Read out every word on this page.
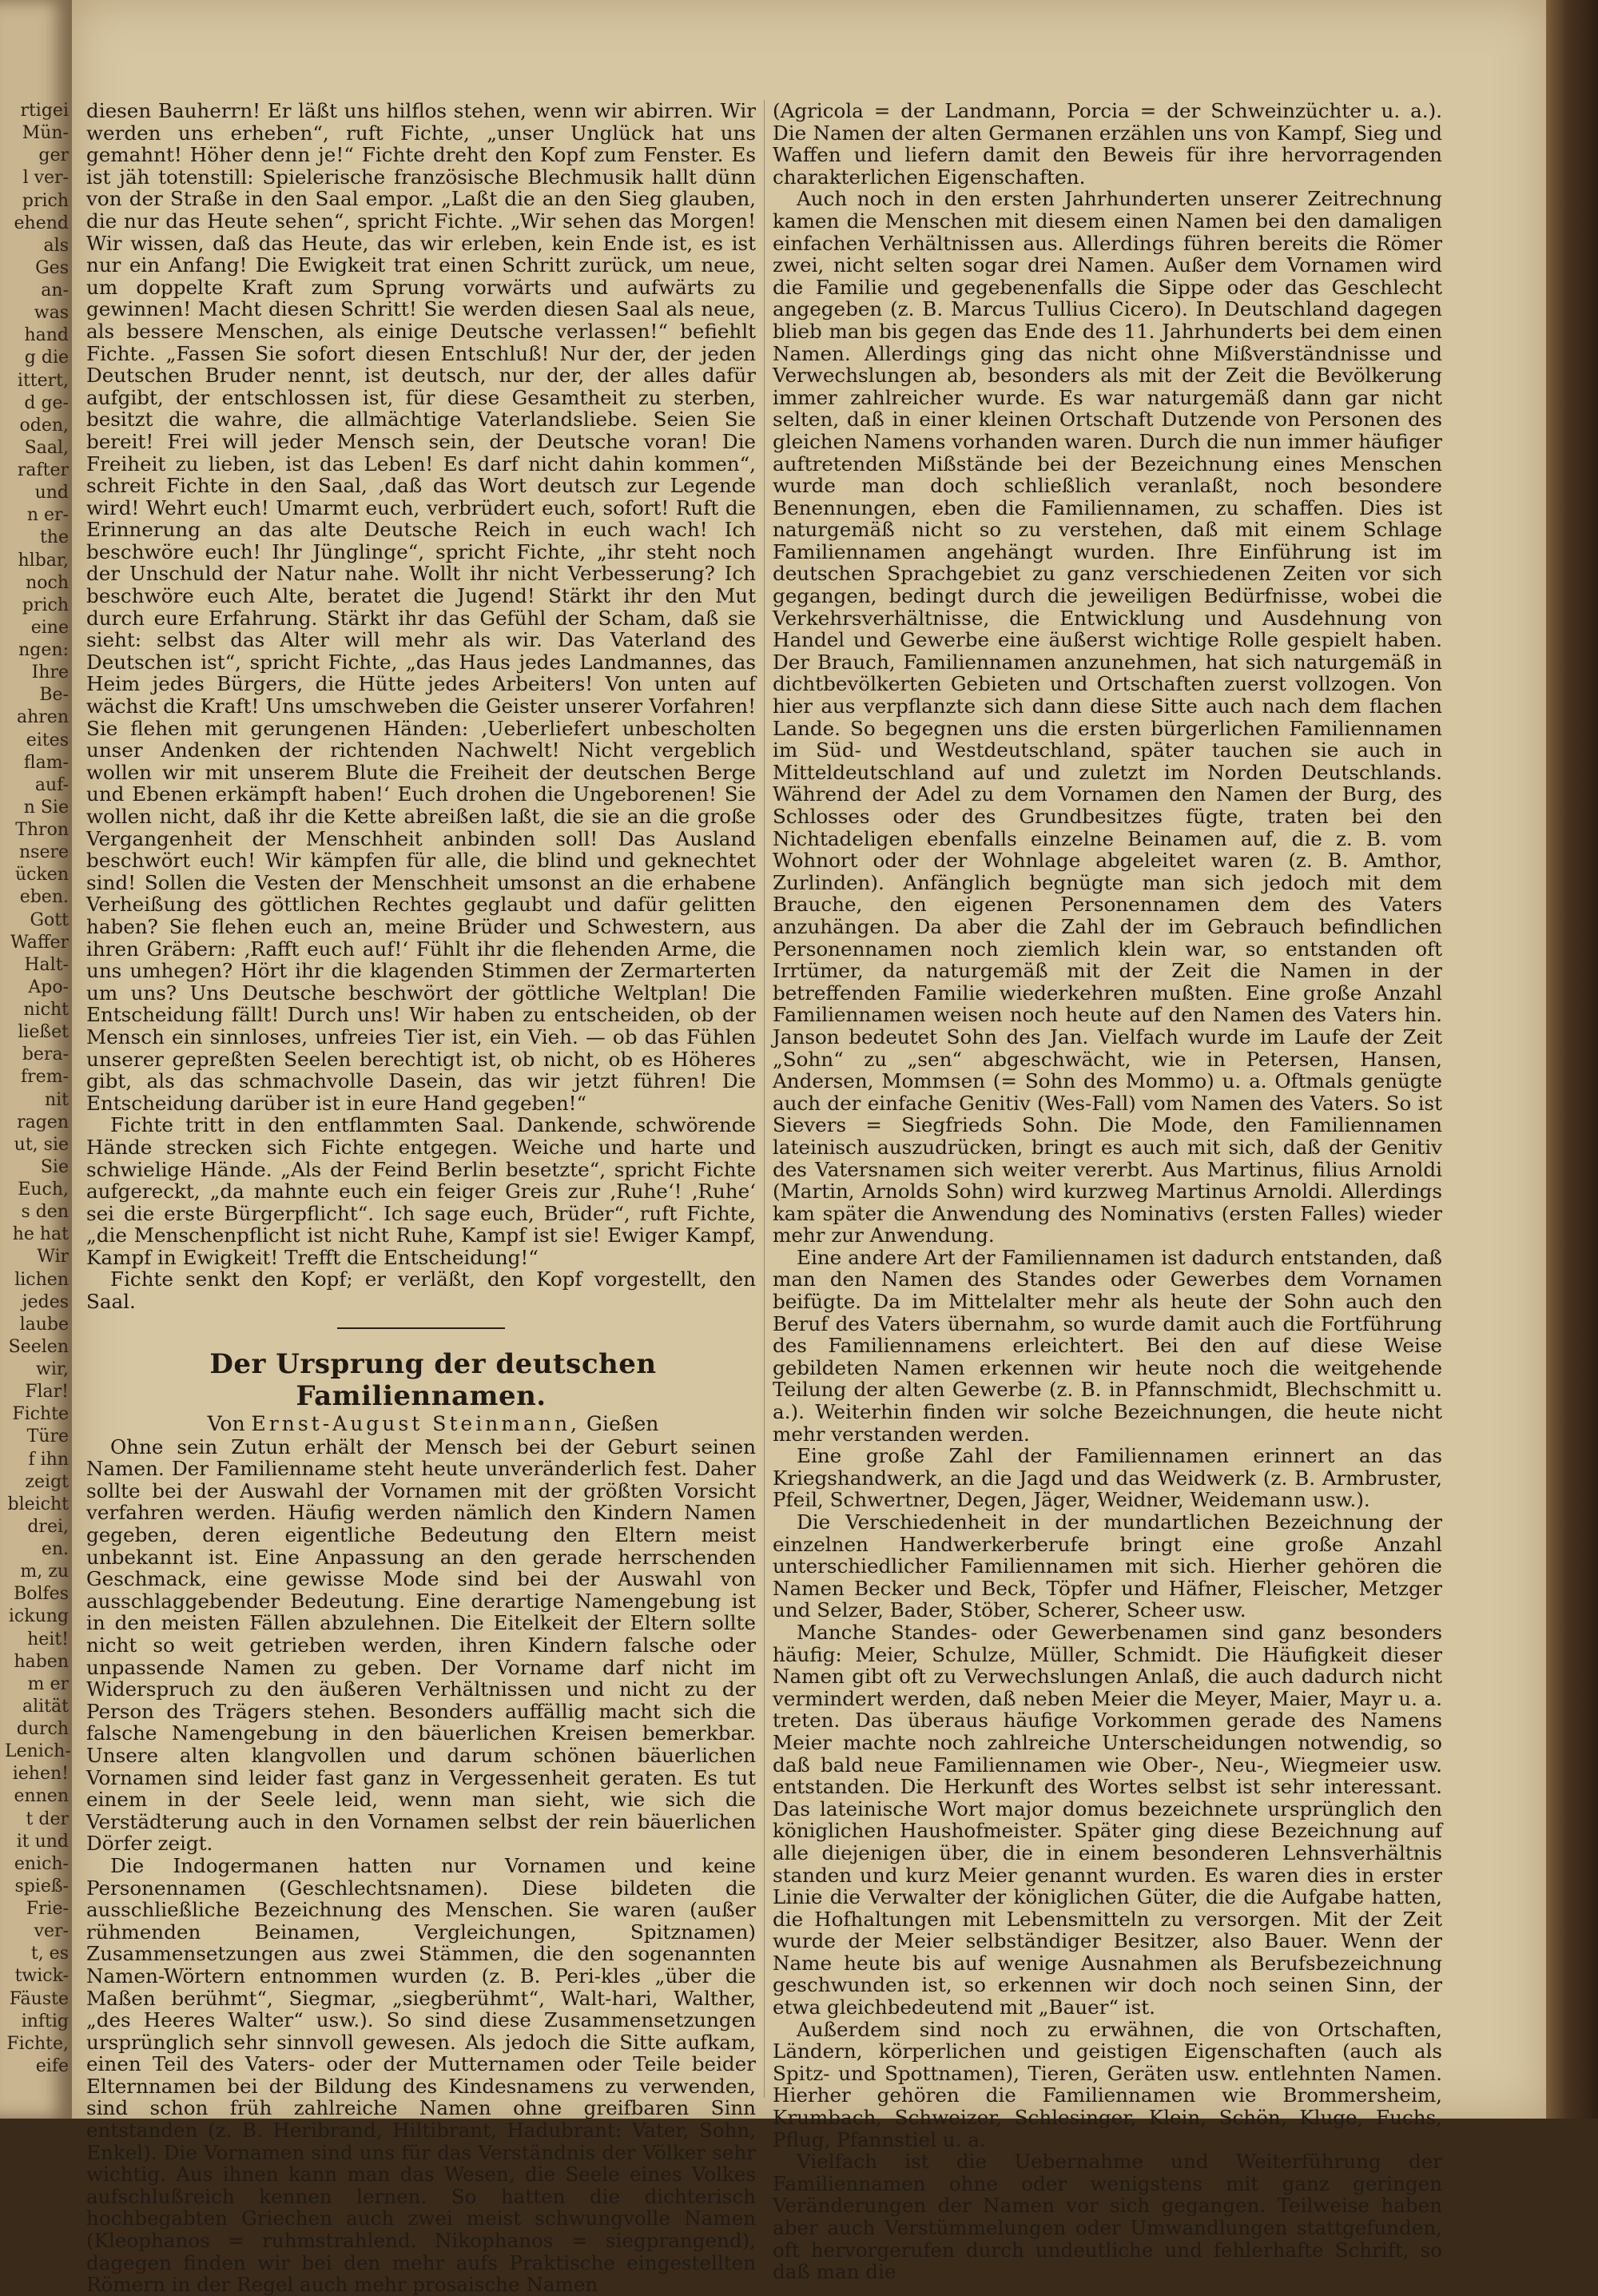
rtigei
Mün-
ger
l ver-
prich
ehend
als
Ges
an-
was
hand
g die
ittert,
d ge-
oden,
Saal,
rafter
und
n er-
the
hlbar,
noch
prich
eine
ngen:
Ihre
Be-
ahren
eites
flam-
auf-
n Sie
Thron
nsere
ücken
eben.
Gott
Waffer
Halt-
Apo-
nicht
ließet
bera-
frem-
nit
ragen
ut, sie
Sie
Euch,
s den
he hat
Wir
lichen
jedes
laube
Seelen
wir,
Flar!
Fichte
Türe
f ihn
zeigt
bleicht
drei,
en.
m, zu
Bolfes
ickung
heit!
haben
m er
alität
durch
Lenich-
iehen!
ennen
t der
it und
enich-
spieß-
Frie-
ver-
t, es
twick-
Fäuste
inftig
Fichte,
eife

diesen Bauherrn! Er läßt uns hilflos stehen, wenn wir abirren. Wir werden uns erheben“, ruft Fichte, „unser Unglück hat uns gemahnt! Höher denn je!“ Fichte dreht den Kopf zum Fenster. Es ist jäh totenstill: Spielerische französische Blechmusik hallt dünn von der Straße in den Saal empor. „Laßt die an den Sieg glauben, die nur das Heute sehen“, spricht Fichte. „Wir sehen das Morgen! Wir wissen, daß das Heute, das wir erleben, kein Ende ist, es ist nur ein Anfang! Die Ewigkeit trat einen Schritt zurück, um neue, um doppelte Kraft zum Sprung vorwärts und aufwärts zu gewinnen! Macht diesen Schritt! Sie werden diesen Saal als neue, als bessere Menschen, als einige Deutsche verlassen!“ befiehlt Fichte. „Fassen Sie sofort diesen Entschluß! Nur der, der jeden Deutschen Bruder nennt, ist deutsch, nur der, der alles dafür aufgibt, der entschlossen ist, für diese Gesamtheit zu sterben, besitzt die wahre, die allmächtige Vaterlandsliebe. Seien Sie bereit! Frei will jeder Mensch sein, der Deutsche voran! Die Freiheit zu lieben, ist das Leben! Es darf nicht dahin kommen“, schreit Fichte in den Saal, ‚daß das Wort deutsch zur Legende wird! Wehrt euch! Umarmt euch, verbrüdert euch, sofort! Ruft die Erinnerung an das alte Deutsche Reich in euch wach! Ich beschwöre euch! Ihr Jünglinge“, spricht Fichte, „ihr steht noch der Unschuld der Natur nahe. Wollt ihr nicht Verbesserung? Ich beschwöre euch Alte, beratet die Jugend! Stärkt ihr den Mut durch eure Erfahrung. Stärkt ihr das Gefühl der Scham, daß sie sieht: selbst das Alter will mehr als wir. Das Vaterland des Deutschen ist“, spricht Fichte, „das Haus jedes Landmannes, das Heim jedes Bürgers, die Hütte jedes Arbeiters! Von unten auf wächst die Kraft! Uns umschweben die Geister unserer Vorfahren! Sie flehen mit gerungenen Händen: ‚Ueberliefert unbescholten unser Andenken der richtenden Nachwelt! Nicht vergeblich wollen wir mit unserem Blute die Freiheit der deutschen Berge und Ebenen erkämpft haben!‘ Euch drohen die Ungeborenen! Sie wollen nicht, daß ihr die Kette abreißen laßt, die sie an die große Vergangenheit der Menschheit anbinden soll! Das Ausland beschwört euch! Wir kämpfen für alle, die blind und geknechtet sind! Sollen die Vesten der Menschheit umsonst an die erhabene Verheißung des göttlichen Rechtes geglaubt und dafür gelitten haben? Sie flehen euch an, meine Brüder und Schwestern, aus ihren Gräbern: ‚Rafft euch auf!‘ Fühlt ihr die flehenden Arme, die uns umhegen? Hört ihr die klagenden Stimmen der Zermarterten um uns? Uns Deutsche beschwört der göttliche Weltplan! Die Entscheidung fällt! Durch uns! Wir haben zu entscheiden, ob der Mensch ein sinnloses, unfreies Tier ist, ein Vieh. — ob das Fühlen unserer gepreßten Seelen berechtigt ist, ob nicht, ob es Höheres gibt, als das schmachvolle Dasein, das wir jetzt führen! Die Entscheidung darüber ist in eure Hand gegeben!“

Fichte tritt in den entflammten Saal. Dankende, schwörende Hände strecken sich Fichte entgegen. Weiche und harte und schwielige Hände. „Als der Feind Berlin besetzte“, spricht Fichte aufgereckt, „da mahnte euch ein feiger Greis zur ‚Ruhe‘! ‚Ruhe‘ sei die erste Bürgerpflicht“. Ich sage euch, Brüder“, ruft Fichte, „die Menschenpflicht ist nicht Ruhe, Kampf ist sie! Ewiger Kampf, Kampf in Ewigkeit! Trefft die Entscheidung!“

Fichte senkt den Kopf; er verläßt, den Kopf vorgestellt, den Saal.

Der Ursprung der deutschen Familiennamen.

Von Ernst-August Steinmann, Gießen

Ohne sein Zutun erhält der Mensch bei der Geburt seinen Namen. Der Familienname steht heute unveränderlich fest. Daher sollte bei der Auswahl der Vornamen mit der größten Vorsicht verfahren werden. Häufig werden nämlich den Kindern Namen gegeben, deren eigentliche Bedeutung den Eltern meist unbekannt ist. Eine Anpassung an den gerade herrschenden Geschmack, eine gewisse Mode sind bei der Auswahl von ausschlaggebender Bedeutung. Eine derartige Namengebung ist in den meisten Fällen abzulehnen. Die Eitelkeit der Eltern sollte nicht so weit getrieben werden, ihren Kindern falsche oder unpassende Namen zu geben. Der Vorname darf nicht im Widerspruch zu den äußeren Verhältnissen und nicht zu der Person des Trägers stehen. Besonders auffällig macht sich die falsche Namengebung in den bäuerlichen Kreisen bemerkbar. Unsere alten klangvollen und darum schönen bäuerlichen Vornamen sind leider fast ganz in Vergessenheit geraten. Es tut einem in der Seele leid, wenn man sieht, wie sich die Verstädterung auch in den Vornamen selbst der rein bäuerlichen Dörfer zeigt.

Die Indogermanen hatten nur Vornamen und keine Personennamen (Geschlechtsnamen). Diese bildeten die ausschließliche Bezeichnung des Menschen. Sie waren (außer rühmenden Beinamen, Vergleichungen, Spitznamen) Zusammensetzungen aus zwei Stämmen, die den sogenannten Namen-Wörtern entnommen wurden (z. B. Peri-kles „über die Maßen berühmt“, Siegmar, „siegberühmt“, Walt-hari, Walther, „des Heeres Walter“ usw.). So sind diese Zusammensetzungen ursprünglich sehr sinnvoll gewesen. Als jedoch die Sitte aufkam, einen Teil des Vaters- oder der Mutternamen oder Teile beider Elternnamen bei der Bildung des Kindesnamens zu verwenden, sind schon früh zahlreiche Namen ohne greifbaren Sinn entstanden (z. B. Heribrand, Hiltibrant, Hadubrant: Vater, Sohn, Enkel). Die Vornamen sind uns für das Verständnis der Völker sehr wichtig. Aus ihnen kann man das Wesen, die Seele eines Volkes aufschlußreich kennen lernen. So hatten die dichterisch hochbegabten Griechen auch zwei meist schwungvolle Namen (Kleophanos = ruhmstrahlend. Nikophanos = siegprangend), dagegen finden wir bei den mehr aufs Praktische eingestellten Römern in der Regel auch mehr prosaische Namen

(Agricola = der Landmann, Porcia = der Schweinzüchter u. a.). Die Namen der alten Germanen erzählen uns von Kampf, Sieg und Waffen und liefern damit den Beweis für ihre hervorragenden charakterlichen Eigenschaften.

Auch noch in den ersten Jahrhunderten unserer Zeitrechnung kamen die Menschen mit diesem einen Namen bei den damaligen einfachen Verhältnissen aus. Allerdings führen bereits die Römer zwei, nicht selten sogar drei Namen. Außer dem Vornamen wird die Familie und gegebenenfalls die Sippe oder das Geschlecht angegeben (z. B. Marcus Tullius Cicero). In Deutschland dagegen blieb man bis gegen das Ende des 11. Jahrhunderts bei dem einen Namen. Allerdings ging das nicht ohne Mißverständnisse und Verwechslungen ab, besonders als mit der Zeit die Bevölkerung immer zahlreicher wurde. Es war naturgemäß dann gar nicht selten, daß in einer kleinen Ortschaft Dutzende von Personen des gleichen Namens vorhanden waren. Durch die nun immer häufiger auftretenden Mißstände bei der Bezeichnung eines Menschen wurde man doch schließlich veranlaßt, noch besondere Benennungen, eben die Familiennamen, zu schaffen. Dies ist naturgemäß nicht so zu verstehen, daß mit einem Schlage Familiennamen angehängt wurden. Ihre Einführung ist im deutschen Sprachgebiet zu ganz verschiedenen Zeiten vor sich gegangen, bedingt durch die jeweiligen Bedürfnisse, wobei die Verkehrsverhältnisse, die Entwicklung und Ausdehnung von Handel und Gewerbe eine äußerst wichtige Rolle gespielt haben. Der Brauch, Familiennamen anzunehmen, hat sich naturgemäß in dichtbevölkerten Gebieten und Ortschaften zuerst vollzogen. Von hier aus verpflanzte sich dann diese Sitte auch nach dem flachen Lande. So begegnen uns die ersten bürgerlichen Familiennamen im Süd- und Westdeutschland, später tauchen sie auch in Mitteldeutschland auf und zuletzt im Norden Deutschlands. Während der Adel zu dem Vornamen den Namen der Burg, des Schlosses oder des Grundbesitzes fügte, traten bei den Nichtadeligen ebenfalls einzelne Beinamen auf, die z. B. vom Wohnort oder der Wohnlage abgeleitet waren (z. B. Amthor, Zurlinden). Anfänglich begnügte man sich jedoch mit dem Brauche, den eigenen Personennamen dem des Vaters anzuhängen. Da aber die Zahl der im Gebrauch befindlichen Personennamen noch ziemlich klein war, so entstanden oft Irrtümer, da naturgemäß mit der Zeit die Namen in der betreffenden Familie wiederkehren mußten. Eine große Anzahl Familiennamen weisen noch heute auf den Namen des Vaters hin. Janson bedeutet Sohn des Jan. Vielfach wurde im Laufe der Zeit „Sohn“ zu „sen“ abgeschwächt, wie in Petersen, Hansen, Andersen, Mommsen (= Sohn des Mommo) u. a. Oftmals genügte auch der einfache Genitiv (Wes-Fall) vom Namen des Vaters. So ist Sievers = Siegfrieds Sohn. Die Mode, den Familiennamen lateinisch auszudrücken, bringt es auch mit sich, daß der Genitiv des Vatersnamen sich weiter vererbt. Aus Martinus, filius Arnoldi (Martin, Arnolds Sohn) wird kurzweg Martinus Arnoldi. Allerdings kam später die Anwendung des Nominativs (ersten Falles) wieder mehr zur Anwendung.

Eine andere Art der Familiennamen ist dadurch entstanden, daß man den Namen des Standes oder Gewerbes dem Vornamen beifügte. Da im Mittelalter mehr als heute der Sohn auch den Beruf des Vaters übernahm, so wurde damit auch die Fortführung des Familiennamens erleichtert. Bei den auf diese Weise gebildeten Namen erkennen wir heute noch die weitgehende Teilung der alten Gewerbe (z. B. in Pfannschmidt, Blechschmitt u. a.). Weiterhin finden wir solche Bezeichnungen, die heute nicht mehr verstanden werden.

Eine große Zahl der Familiennamen erinnert an das Kriegshandwerk, an die Jagd und das Weidwerk (z. B. Armbruster, Pfeil, Schwertner, Degen, Jäger, Weidner, Weidemann usw.).

Die Verschiedenheit in der mundartlichen Bezeichnung der einzelnen Handwerkerberufe bringt eine große Anzahl unterschiedlicher Familiennamen mit sich. Hierher gehören die Namen Becker und Beck, Töpfer und Häfner, Fleischer, Metzger und Selzer, Bader, Stöber, Scherer, Scheer usw.

Manche Standes- oder Gewerbenamen sind ganz besonders häufig: Meier, Schulze, Müller, Schmidt. Die Häufigkeit dieser Namen gibt oft zu Verwechslungen Anlaß, die auch dadurch nicht vermindert werden, daß neben Meier die Meyer, Maier, Mayr u. a. treten. Das überaus häufige Vorkommen gerade des Namens Meier machte noch zahlreiche Unterscheidungen notwendig, so daß bald neue Familiennamen wie Ober-, Neu-, Wiegmeier usw. entstanden. Die Herkunft des Wortes selbst ist sehr interessant. Das lateinische Wort major domus bezeichnete ursprünglich den königlichen Haushofmeister. Später ging diese Bezeichnung auf alle diejenigen über, die in einem besonderen Lehnsverhältnis standen und kurz Meier genannt wurden. Es waren dies in erster Linie die Verwalter der königlichen Güter, die die Aufgabe hatten, die Hofhaltungen mit Lebensmitteln zu versorgen. Mit der Zeit wurde der Meier selbständiger Besitzer, also Bauer. Wenn der Name heute bis auf wenige Ausnahmen als Berufsbezeichnung geschwunden ist, so erkennen wir doch noch seinen Sinn, der etwa gleichbedeutend mit „Bauer“ ist.

Außerdem sind noch zu erwähnen, die von Ortschaften, Ländern, körperlichen und geistigen Eigenschaften (auch als Spitz- und Spottnamen), Tieren, Geräten usw. entlehnten Namen. Hierher gehören die Familiennamen wie Brommersheim, Krumbach, Schweizer, Schlesinger, Klein, Schön, Kluge, Fuchs, Pflug, Pfannstiel u. a.

Vielfach ist die Uebernahme und Weiterführung der Familiennamen ohne oder wenigstens mit ganz geringen Veränderungen der Namen vor sich gegangen. Teilweise haben aber auch Verstümmelungen oder Umwandlungen stattgefunden, oft hervorgerufen durch undeutliche und fehlerhafte Schrift, so daß man die
